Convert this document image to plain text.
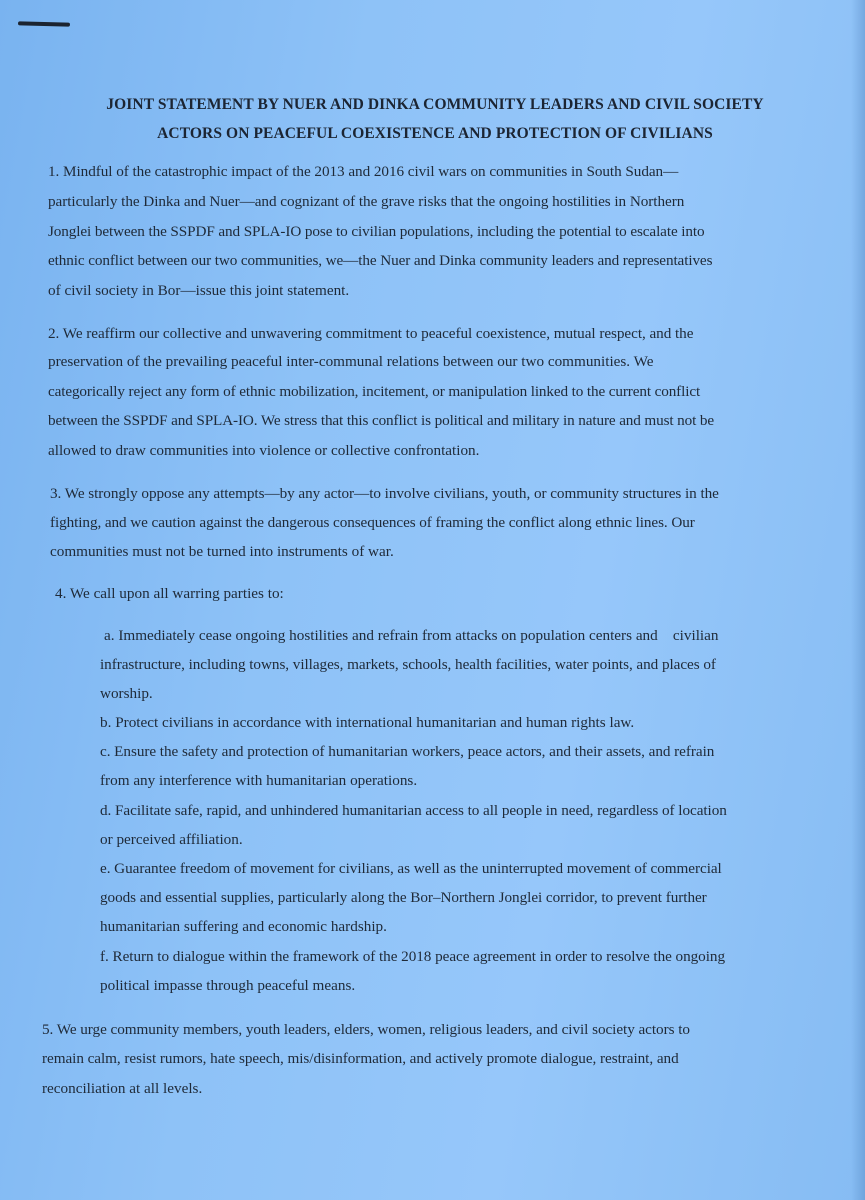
JOINT STATEMENT BY NUER AND DINKA COMMUNITY LEADERS AND CIVIL SOCIETY
ACTORS ON PEACEFUL COEXISTENCE AND PROTECTION OF CIVILIANS
1. Mindful of the catastrophic impact of the 2013 and 2016 civil wars on communities in South Sudan—
particularly the Dinka and Nuer—and cognizant of the grave risks that the ongoing hostilities in Northern
Jonglei between the SSPDF and SPLA-IO pose to civilian populations, including the potential to escalate into
ethnic conflict between our two communities, we—the Nuer and Dinka community leaders and representatives
of civil society in Bor—issue this joint statement.
2. We reaffirm our collective and unwavering commitment to peaceful coexistence, mutual respect, and the
preservation of the prevailing peaceful inter-communal relations between our two communities. We
categorically reject any form of ethnic mobilization, incitement, or manipulation linked to the current conflict
between the SSPDF and SPLA-IO. We stress that this conflict is political and military in nature and must not be
allowed to draw communities into violence or collective confrontation.
3. We strongly oppose any attempts—by any actor—to involve civilians, youth, or community structures in the
fighting, and we caution against the dangerous consequences of framing the conflict along ethnic lines. Our
communities must not be turned into instruments of war.
4. We call upon all warring parties to:
a. Immediately cease ongoing hostilities and refrain from attacks on population centers and    civilian
infrastructure, including towns, villages, markets, schools, health facilities, water points, and places of
worship.
b. Protect civilians in accordance with international humanitarian and human rights law.
c. Ensure the safety and protection of humanitarian workers, peace actors, and their assets, and refrain
from any interference with humanitarian operations.
d. Facilitate safe, rapid, and unhindered humanitarian access to all people in need, regardless of location
or perceived affiliation.
e. Guarantee freedom of movement for civilians, as well as the uninterrupted movement of commercial
goods and essential supplies, particularly along the Bor–Northern Jonglei corridor, to prevent further
humanitarian suffering and economic hardship.
f. Return to dialogue within the framework of the 2018 peace agreement in order to resolve the ongoing
political impasse through peaceful means.
5. We urge community members, youth leaders, elders, women, religious leaders, and civil society actors to
remain calm, resist rumors, hate speech, mis/disinformation, and actively promote dialogue, restraint, and
reconciliation at all levels.
